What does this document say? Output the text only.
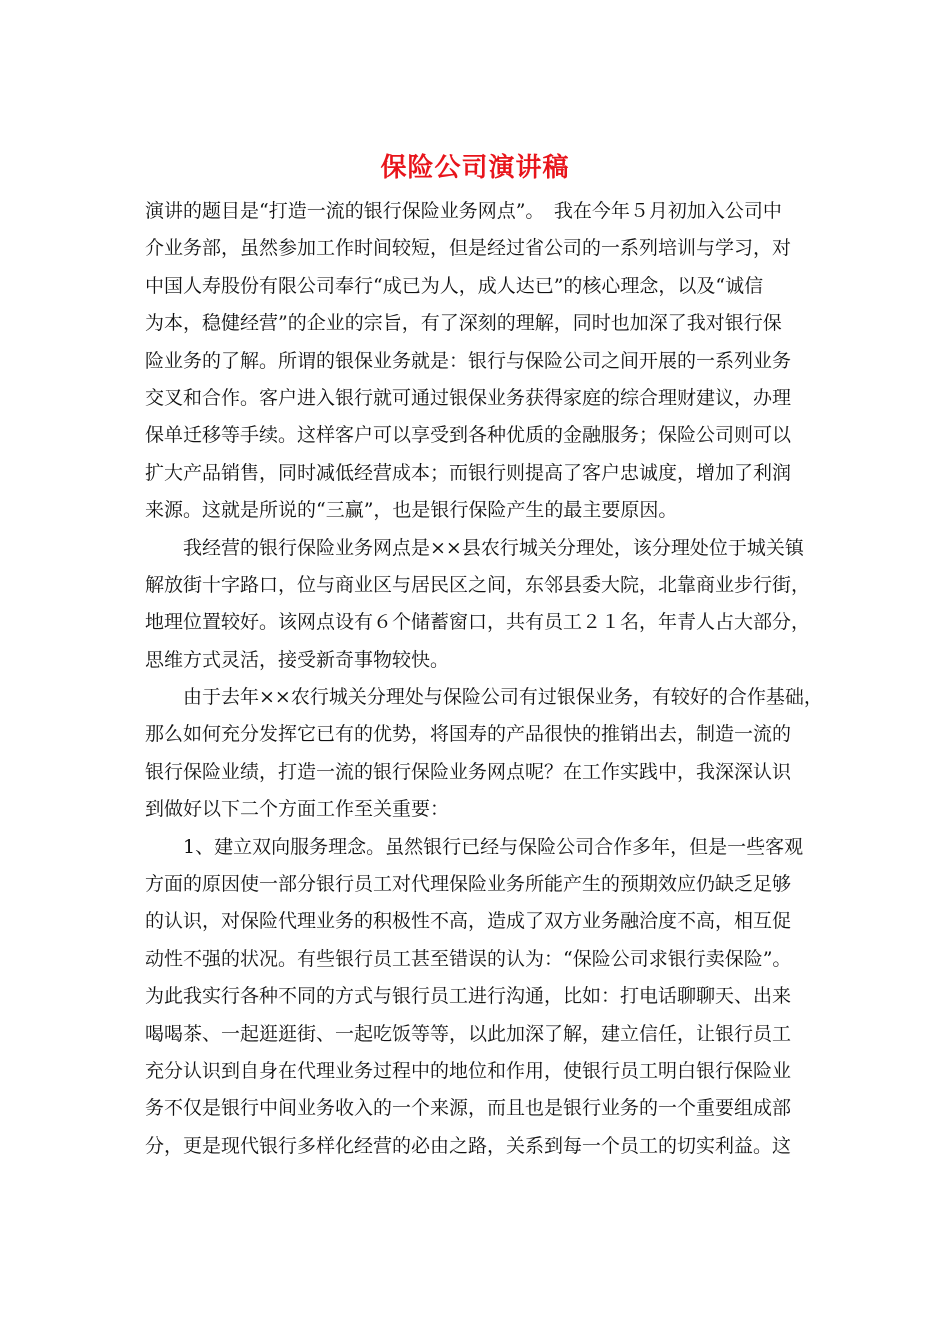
保险公司演讲稿
演讲的题目是“打造一流的银行保险业务网点”。　我在今年５月初加入公司中
介业务部，虽然参加工作时间较短，但是经过省公司的一系列培训与学习，对
中国人寿股份有限公司奉行“成已为人，成人达已”的核心理念，以及“诚信
为本，稳健经营”的企业的宗旨，有了深刻的理解，同时也加深了我对银行保
险业务的了解。所谓的银保业务就是：银行与保险公司之间开展的一系列业务
交叉和合作。客户进入银行就可通过银保业务获得家庭的综合理财建议，办理
保单迁移等手续。这样客户可以享受到各种优质的金融服务；保险公司则可以
扩大产品销售，同时减低经营成本；而银行则提高了客户忠诚度，增加了利润
来源。这就是所说的“三赢”，也是银行保险产生的最主要原因。
　　我经营的银行保险业务网点是××县农行城关分理处，该分理处位于城关镇
解放街十字路口，位与商业区与居民区之间，东邻县委大院，北靠商业步行街，
地理位置较好。该网点设有６个储蓄窗口，共有员工２１名，年青人占大部分，
思维方式灵活，接受新奇事物较快。
　　由于去年××农行城关分理处与保险公司有过银保业务，有较好的合作基础，
那么如何充分发挥它已有的优势，将国寿的产品很快的推销出去，制造一流的
银行保险业绩，打造一流的银行保险业务网点呢？在工作实践中，我深深认识
到做好以下二个方面工作至关重要：
　　1、建立双向服务理念。虽然银行已经与保险公司合作多年，但是一些客观
方面的原因使一部分银行员工对代理保险业务所能产生的预期效应仍缺乏足够
的认识，对保险代理业务的积极性不高，造成了双方业务融洽度不高，相互促
动性不强的状况。有些银行员工甚至错误的认为：“保险公司求银行卖保险”。
为此我实行各种不同的方式与银行员工进行沟通，比如：打电话聊聊天、出来
喝喝茶、一起逛逛街、一起吃饭等等，以此加深了解，建立信任，让银行员工
充分认识到自身在代理业务过程中的地位和作用，使银行员工明白银行保险业
务不仅是银行中间业务收入的一个来源，而且也是银行业务的一个重要组成部
分，更是现代银行多样化经营的必由之路，关系到每一个员工的切实利益。这
